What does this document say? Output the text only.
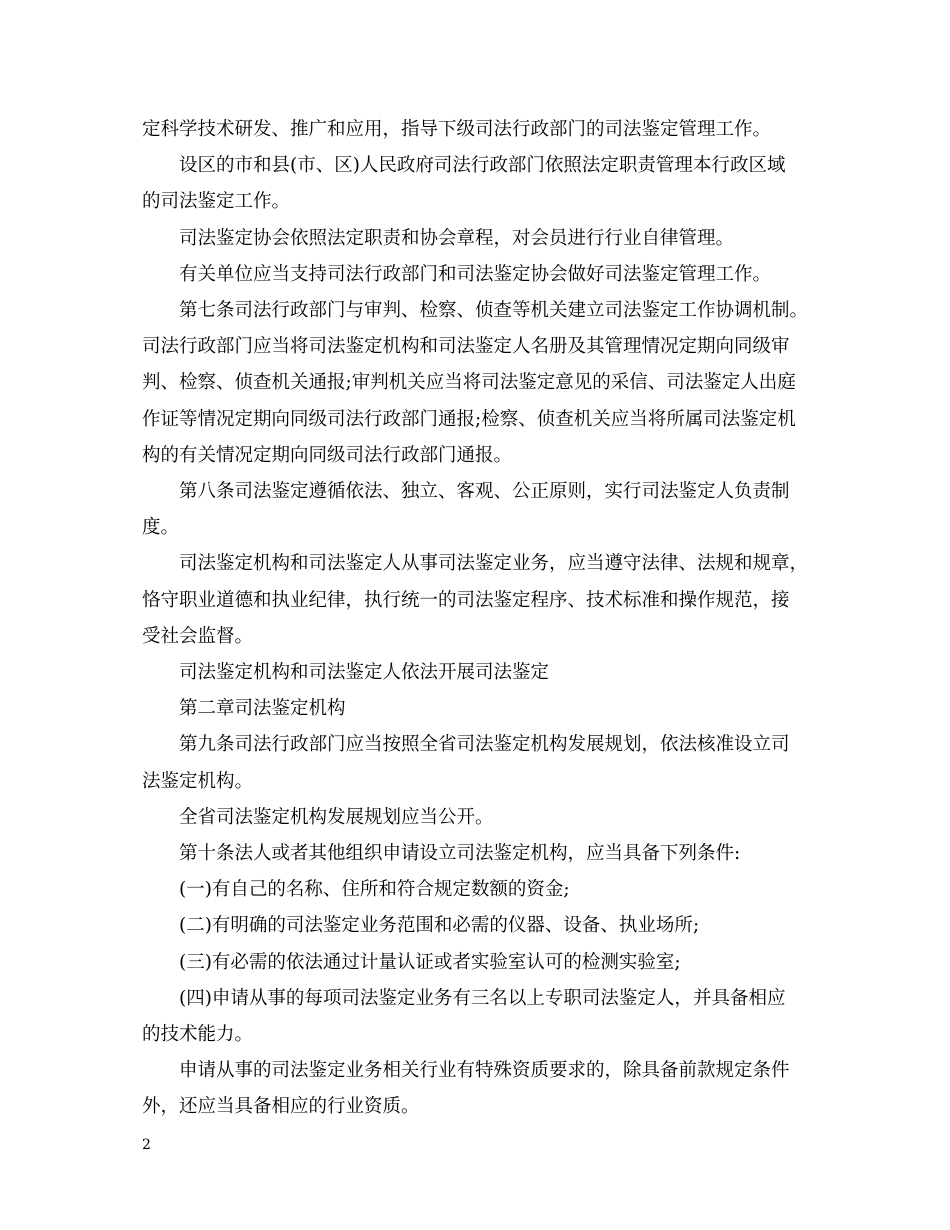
定科学技术研发、推广和应用，指导下级司法行政部门的司法鉴定管理工作。
设区的市和县(市、区)人民政府司法行政部门依照法定职责管理本行政区域
的司法鉴定工作。
司法鉴定协会依照法定职责和协会章程，对会员进行行业自律管理。
有关单位应当支持司法行政部门和司法鉴定协会做好司法鉴定管理工作。
第七条司法行政部门与审判、检察、侦查等机关建立司法鉴定工作协调机制。
司法行政部门应当将司法鉴定机构和司法鉴定人名册及其管理情况定期向同级审
判、检察、侦查机关通报;审判机关应当将司法鉴定意见的采信、司法鉴定人出庭
作证等情况定期向同级司法行政部门通报;检察、侦查机关应当将所属司法鉴定机
构的有关情况定期向同级司法行政部门通报。
第八条司法鉴定遵循依法、独立、客观、公正原则，实行司法鉴定人负责制
度。
司法鉴定机构和司法鉴定人从事司法鉴定业务，应当遵守法律、法规和规章，
恪守职业道德和执业纪律，执行统一的司法鉴定程序、技术标准和操作规范，接
受社会监督。
司法鉴定机构和司法鉴定人依法开展司法鉴定
第二章司法鉴定机构
第九条司法行政部门应当按照全省司法鉴定机构发展规划，依法核准设立司
法鉴定机构。
全省司法鉴定机构发展规划应当公开。
第十条法人或者其他组织申请设立司法鉴定机构，应当具备下列条件:
(一)有自己的名称、住所和符合规定数额的资金;
(二)有明确的司法鉴定业务范围和必需的仪器、设备、执业场所;
(三)有必需的依法通过计量认证或者实验室认可的检测实验室;
(四)申请从事的每项司法鉴定业务有三名以上专职司法鉴定人，并具备相应
的技术能力。
申请从事的司法鉴定业务相关行业有特殊资质要求的，除具备前款规定条件
外，还应当具备相应的行业资质。
2
